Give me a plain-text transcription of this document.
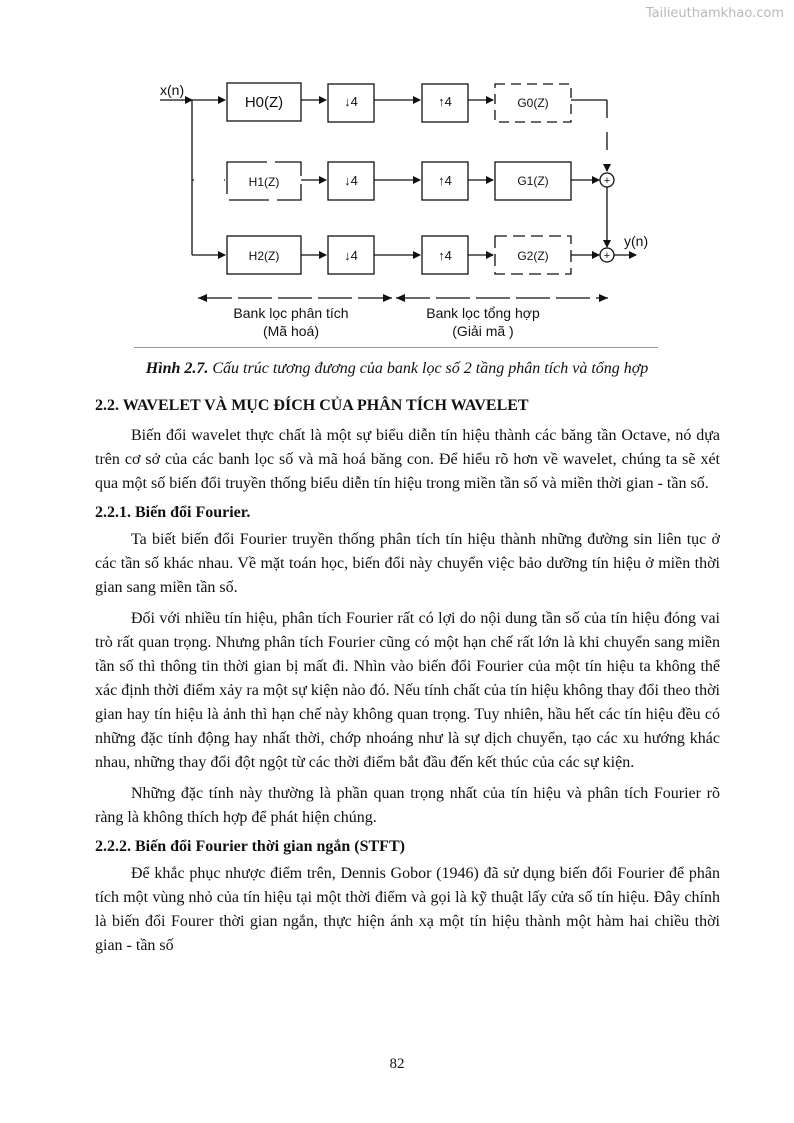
Tailieuthamkhao.com
x(n)
y(n)
H0(Z)
H1(Z)
H2(Z)
↓4
↓4
↓4
↑4
↑4
↑4
G0(Z)
G1(Z)
G2(Z)
+
+
Bank lọc phân tích
(Mã hoá)
Bank lọc tổng hợp
(Giải mã )
Hình 2.7. Cấu trúc tương đương của bank lọc số 2 tầng phân tích và tổng hợp
2.2. WAVELET VÀ MỤC ĐÍCH CỦA PHÂN TÍCH WAVELET

Biến đổi wavelet thực chất là một sự biểu diễn tín hiệu thành các băng tần Octave, nó dựa trên cơ sở của các banh lọc số và mã hoá băng con. Để hiểu rõ hơn về wavelet, chúng ta sẽ xét qua một số biến đổi truyền thống biểu diễn tín hiệu trong miền tần số và miền thời gian - tần số.

2.2.1. Biến đổi Fourier.

Ta biết biến đổi Fourier truyền thống phân tích tín hiệu thành những đường sin liên tục ở các tần số khác nhau. Về mặt toán học, biến đổi này chuyển việc bảo dưỡng tín hiệu ở miền thời gian sang miền tần số.

Đối với nhiều tín hiệu, phân tích Fourier rất có lợi do nội dung tần số của tín hiệu đóng vai trò rất quan trọng. Nhưng phân tích Fourier cũng có một hạn chế rất lớn là khi chuyển sang miền tần số thì thông tin thời gian bị mất đi. Nhìn vào biến đổi Fourier của một tín hiệu ta không thể xác định thời điểm xảy ra một sự kiện nào đó. Nếu tính chất của tín hiệu không thay đổi theo thời gian hay tín hiệu là ảnh thì hạn chế này không quan trọng. Tuy nhiên, hầu hết các tín hiệu đều có những đặc tính động hay nhất thời, chớp nhoáng như là sự dịch chuyển, tạo các xu hướng khác nhau, những thay đổi đột ngột từ các thời điểm bắt đầu đến kết thúc của các sự kiện.

Những đặc tính này thường là phần quan trọng nhất của tín hiệu và phân tích Fourier rõ ràng là không thích hợp để phát hiện chúng.

2.2.2. Biến đổi Fourier thời gian ngắn (STFT)

Để khắc phục nhược điểm trên, Dennis Gobor (1946) đã sử dụng biến đổi Fourier để phân tích một vùng nhỏ của tín hiệu tại một thời điểm và gọi là kỹ thuật lấy cửa số tín hiệu. Đây chính là biến đổi Fourer thời gian ngắn, thực hiện ánh xạ một tín hiệu thành một hàm hai chiều thời gian - tần số

82
